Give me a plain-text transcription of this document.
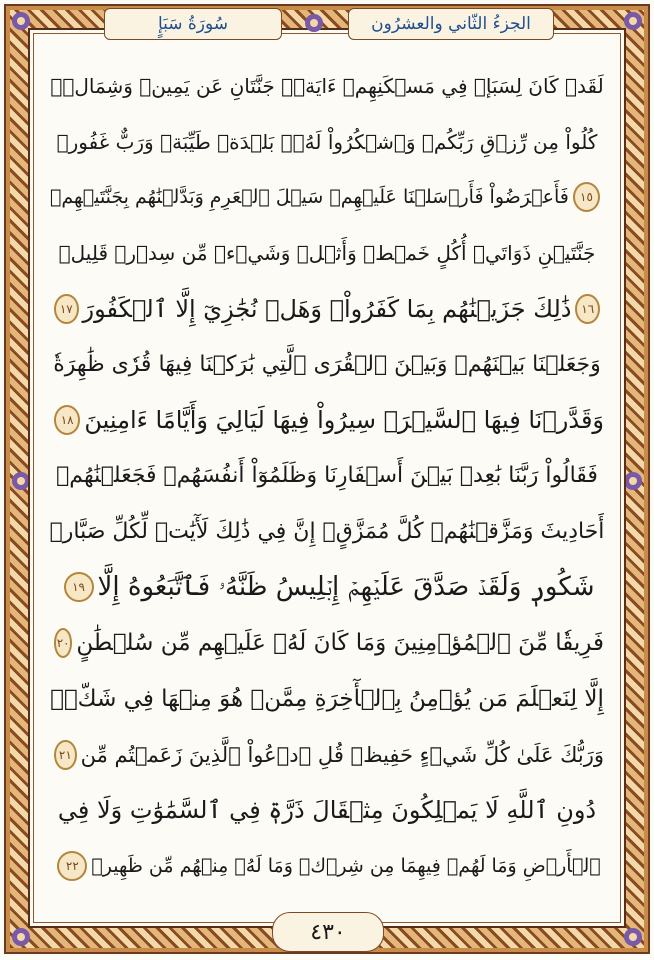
الجزءُ الثّاني والعشرُون
سُورَةُ سَبَإٍ
لَقَدۡ كَانَ لِسَبَإٖ فِي مَسۡكَنِهِمۡ ءَايَةٞۖ جَنَّتَانِ عَن يَمِينٖ وَشِمَالٖۖ
كُلُواْ مِن رِّزۡقِ رَبِّكُمۡ وَٱشۡكُرُواْ لَهُۥۚ بَلۡدَةٞ طَيِّبَةٞ وَرَبٌّ غَفُورٞ
١٥
فَأَعۡرَضُواْ فَأَرۡسَلۡنَا عَلَيۡهِمۡ سَيۡلَ ٱلۡعَرِمِ وَبَدَّلۡنَٰهُم بِجَنَّتَيۡهِمۡ
جَنَّتَيۡنِ ذَوَاتَيۡ أُكُلٍ خَمۡطٖ وَأَثۡلٖ وَشَيۡءٖ مِّن سِدۡرٖ قَلِيلٖ
١٦
ذَٰلِكَ جَزَيۡنَٰهُم بِمَا كَفَرُواْۖ وَهَلۡ نُجَٰزِيٓ إِلَّا ٱلۡكَفُورَ
١٧
وَجَعَلۡنَا بَيۡنَهُمۡ وَبَيۡنَ ٱلۡقُرَى ٱلَّتِي بَٰرَكۡنَا فِيهَا قُرٗى ظَٰهِرَةٗ
وَقَدَّرۡنَا فِيهَا ٱلسَّيۡرَۖ سِيرُواْ فِيهَا لَيَالِيَ وَأَيَّامًا ءَامِنِينَ
١٨
فَقَالُواْ رَبَّنَا بَٰعِدۡ بَيۡنَ أَسۡفَارِنَا وَظَلَمُوٓاْ أَنفُسَهُمۡ فَجَعَلۡنَٰهُمۡ
أَحَادِيثَ وَمَزَّقۡنَٰهُمۡ كُلَّ مُمَزَّقٍۚ إِنَّ فِي ذَٰلِكَ لَأٓيَٰتٖ لِّكُلِّ صَبَّارٖ
شَكُورٖ وَلَقَدۡ صَدَّقَ عَلَيۡهِمۡ إِبۡلِيسُ ظَنَّهُۥ فَٱتَّبَعُوهُ إِلَّا
١٩
فَرِيقٗا مِّنَ ٱلۡمُؤۡمِنِينَ وَمَا كَانَ لَهُۥ عَلَيۡهِم مِّن سُلۡطَٰنٍ
٢٠
إِلَّا لِنَعۡلَمَ مَن يُؤۡمِنُ بِٱلۡأٓخِرَةِ مِمَّنۡ هُوَ مِنۡهَا فِي شَكّٖۗ
وَرَبُّكَ عَلَىٰ كُلِّ شَيۡءٍ حَفِيظٞ قُلِ ٱدۡعُواْ ٱلَّذِينَ زَعَمۡتُم مِّن
٢١
دُونِ ٱللَّهِ لَا يَمۡلِكُونَ مِثۡقَالَ ذَرَّةٖ فِي ٱلسَّمَٰوَٰتِ وَلَا فِي
ٱلۡأَرۡضِ وَمَا لَهُمۡ فِيهِمَا مِن شِرۡكٖ وَمَا لَهُۥ مِنۡهُم مِّن ظَهِيرٖ
٢٢
٤٣٠
